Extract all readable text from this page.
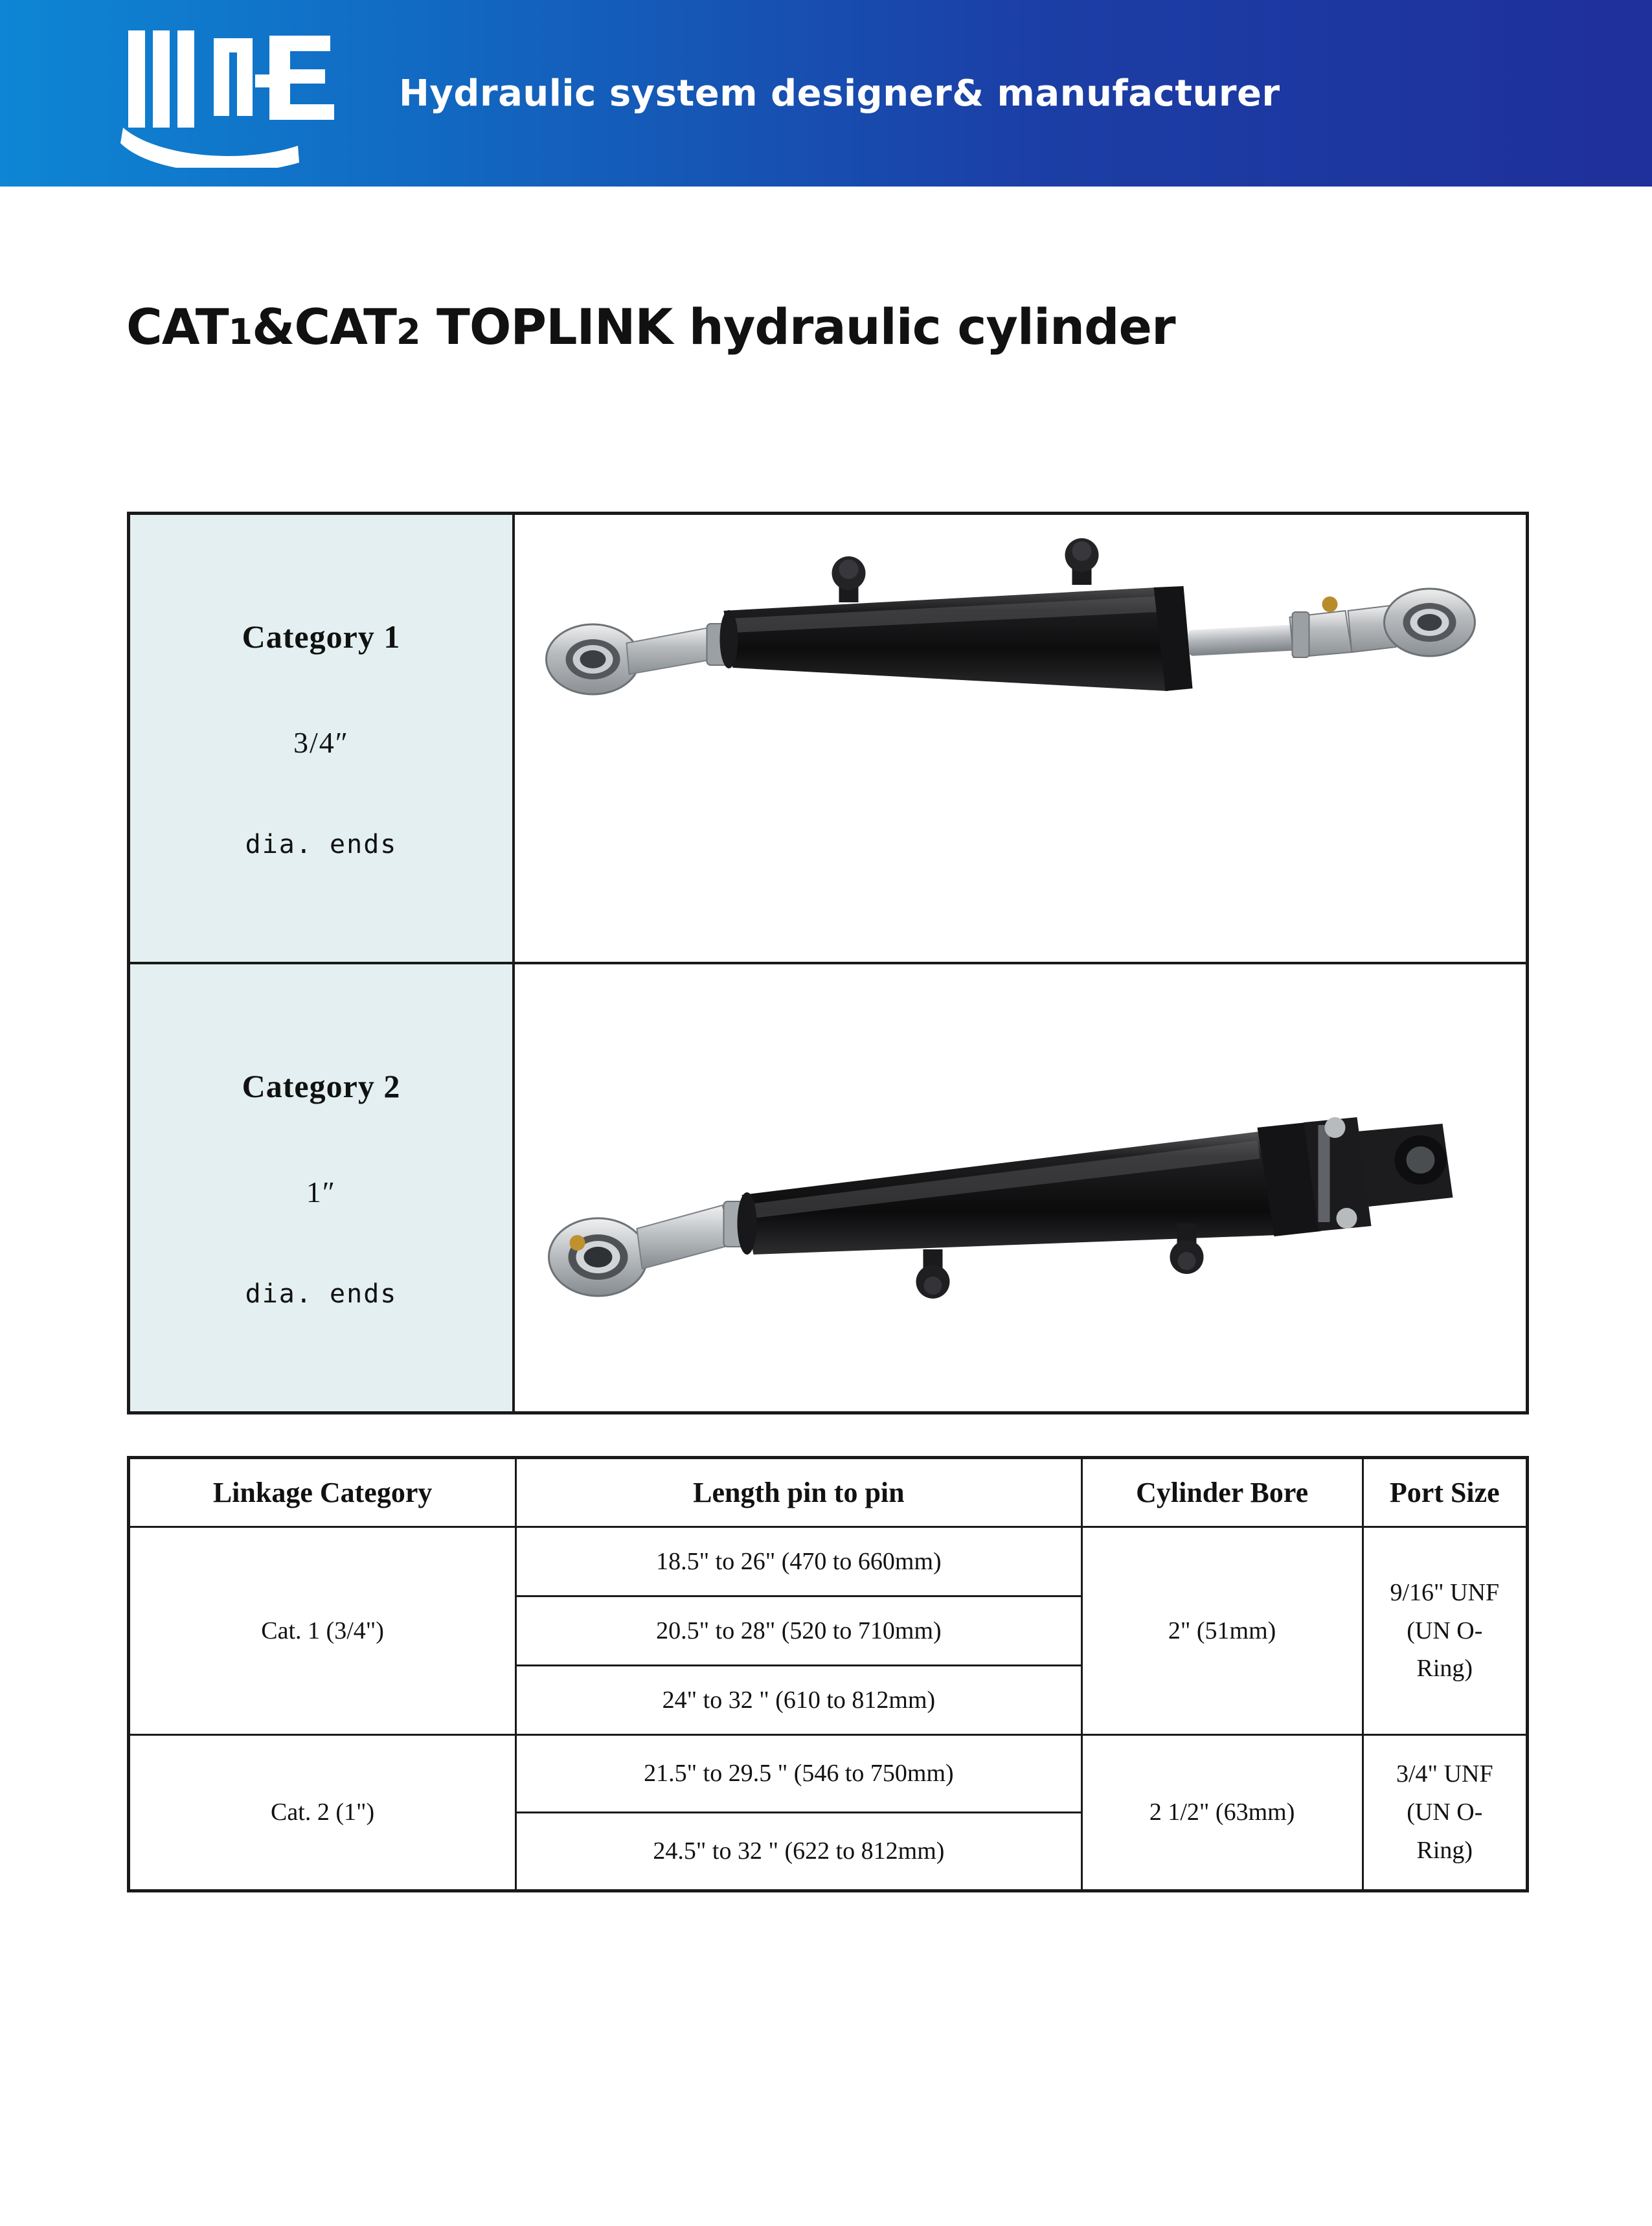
Hydraulic system designer& manufacturer
CAT1&CAT2 TOPLINK hydraulic cylinder
Category 1
3/4″
dia. ends

Category 2
1″
dia. ends

Linkage Category	Length pin to pin	Cylinder Bore	Port Size
Cat. 1 (3/4")	18.5" to 26" (470 to 660mm)	2" (51mm)	9/16" UNF
(UN O-
Ring)

	20.5" to 28" (520 to 710mm)		
	24" to 32 " (610 to 812mm)		
Cat. 2 (1")	21.5" to 29.5 " (546 to 750mm)	2 1/2" (63mm)	3/4" UNF
(UN O-
Ring)

	24.5" to 32 " (622 to 812mm)		
